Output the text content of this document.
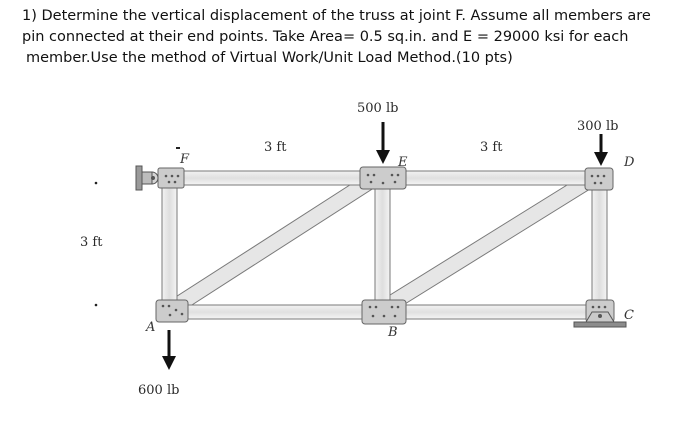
1) Determine the vertical displacement of the truss at joint F. Assume all members are
pin connected at their end points. Take Area= 0.5 sq.in. and E = 29000 ksi for each
member.Use the method of Virtual Work/Unit Load Method.(10 pts)
500 lb
300 lb
600 lb
3 ft	3 ft
3 ft
F	E	D
A	B
C
